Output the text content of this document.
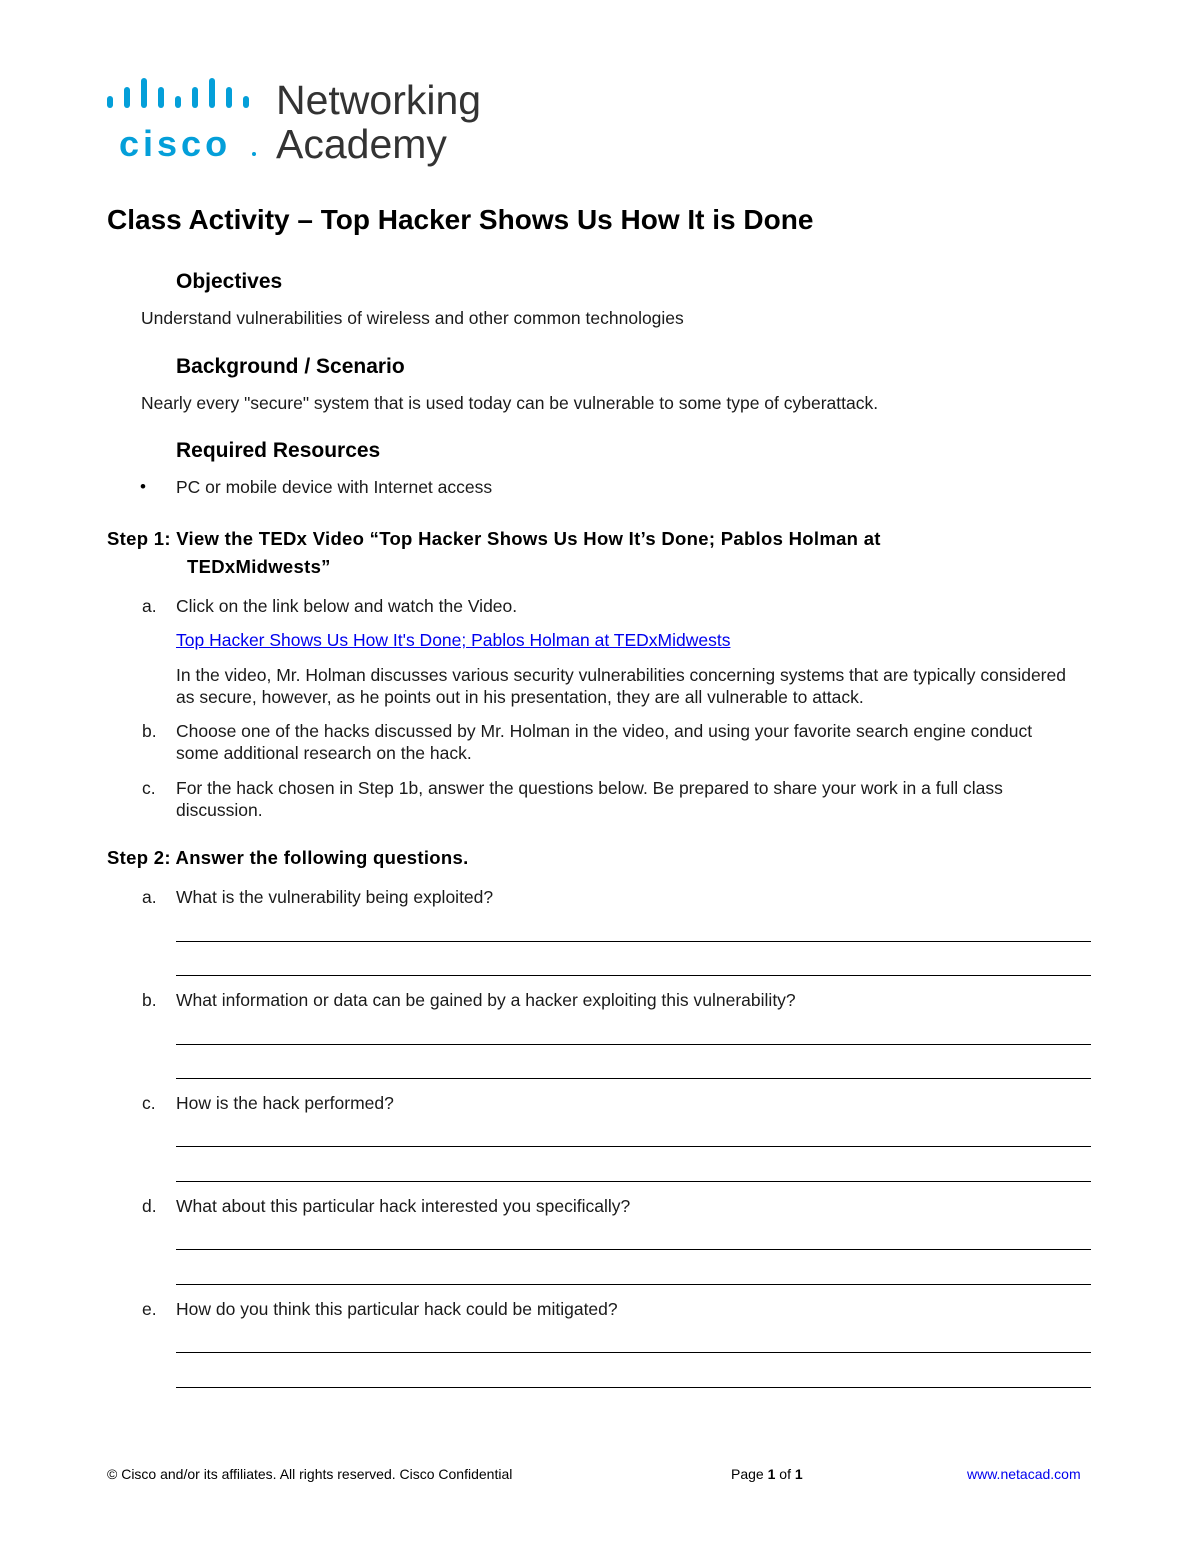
cisco
Networking
Academy
Class Activity – Top Hacker Shows Us How It is Done
Objectives
Understand vulnerabilities of wireless and other common technologies
Background / Scenario
Nearly every "secure" system that is used today can be vulnerable to some type of cyberattack.
Required Resources
• PC or mobile device with Internet access
Step 1: View the TEDx Video “Top Hacker Shows Us How It’s Done; Pablos Holman at
TEDxMidwests”
a. Click on the link below and watch the Video.
Top Hacker Shows Us How It's Done; Pablos Holman at TEDxMidwests
In the video, Mr. Holman discusses various security vulnerabilities concerning systems that are typically considered as secure, however, as he points out in his presentation, they are all vulnerable to attack.
b. Choose one of the hacks discussed by Mr. Holman in the video, and using your favorite search engine conduct some additional research on the hack.
c. For the hack chosen in Step 1b, answer the questions below. Be prepared to share your work in a full class discussion.
Step 2: Answer the following questions.
a. What is the vulnerability being exploited?
b. What information or data can be gained by a hacker exploiting this vulnerability?
c. How is the hack performed?
d. What about this particular hack interested you specifically?
e. How do you think this particular hack could be mitigated?
© Cisco and/or its affiliates. All rights reserved. Cisco Confidential	Page 1 of 1	www.netacad.com
